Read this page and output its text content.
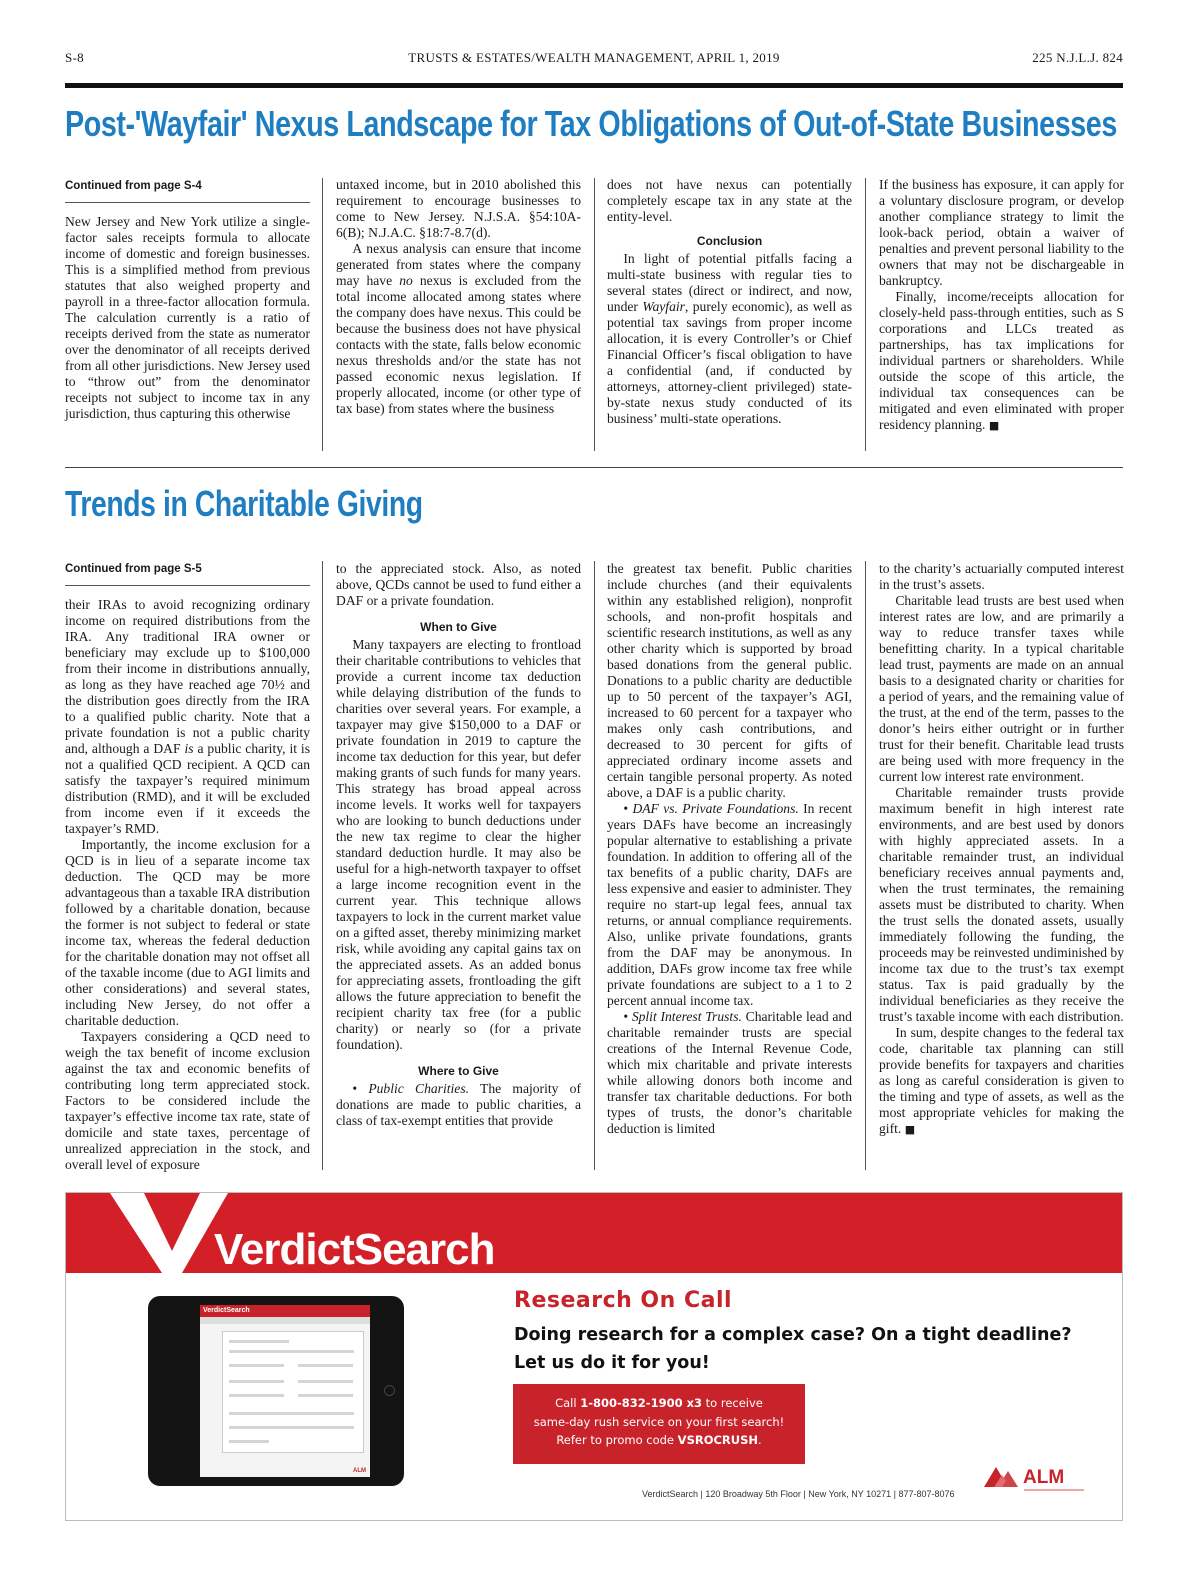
S-8	TRUSTS & ESTATES/WEALTH MANAGEMENT, APRIL 1, 2019	225 N.J.L.J. 824
Post-'Wayfair' Nexus Landscape for Tax Obligations of Out-of-State Businesses
Continued from page S-4

New Jersey and New York utilize a single-factor sales receipts formula to allocate income of domestic and foreign businesses. This is a simplified method from previous statutes that also weighed property and payroll in a three-factor allocation formula. The calculation currently is a ratio of receipts derived from the state as numerator over the denominator of all receipts derived from all other jurisdictions. New Jersey used to “throw out” from the denominator receipts not subject to income tax in any jurisdiction, thus capturing this otherwise

untaxed income, but in 2010 abolished this requirement to encourage businesses to come to New Jersey. N.J.S.A. §54:10A-6(B); N.J.A.C. §18:7-8.7(d).

A nexus analysis can ensure that income generated from states where the company may have no nexus is excluded from the total income allocated among states where the company does have nexus. This could be because the business does not have physical contacts with the state, falls below economic nexus thresholds and/or the state has not passed economic nexus legislation. If properly allocated, income (or other type of tax base) from states where the business

does not have nexus can potentially completely escape tax in any state at the entity-level.

Conclusion

In light of potential pitfalls facing a multi-state business with regular ties to several states (direct or indirect, and now, under Wayfair, purely economic), as well as potential tax savings from proper income allocation, it is every Controller’s or Chief Financial Officer’s fiscal obligation to have a confidential (and, if conducted by attorneys, attorney-client privileged) state-by-state nexus study conducted of its business’ multi-state operations.

If the business has exposure, it can apply for a voluntary disclosure program, or develop another compliance strategy to limit the look-back period, obtain a waiver of penalties and prevent personal liability to the owners that may not be dischargeable in bankruptcy.

Finally, income/receipts allocation for closely-held pass-through entities, such as S corporations and LLCs treated as partnerships, has tax implications for individual partners or shareholders. While outside the scope of this article, the individual tax consequences can be mitigated and even eliminated with proper residency planning. ■

Trends in Charitable Giving
Continued from page S-5

their IRAs to avoid recognizing ordinary income on required distributions from the IRA. Any traditional IRA owner or beneficiary may exclude up to $100,000 from their income in distributions annually, as long as they have reached age 70½ and the distribution goes directly from the IRA to a qualified public charity. Note that a private foundation is not a public charity and, although a DAF is a public charity, it is not a qualified QCD recipient. A QCD can satisfy the taxpayer’s required minimum distribution (RMD), and it will be excluded from income even if it exceeds the taxpayer’s RMD.

Importantly, the income exclusion for a QCD is in lieu of a separate income tax deduction. The QCD may be more advantageous than a taxable IRA distribution followed by a charitable donation, because the former is not subject to federal or state income tax, whereas the federal deduction for the charitable donation may not offset all of the taxable income (due to AGI limits and other considerations) and several states, including New Jersey, do not offer a charitable deduction.

Taxpayers considering a QCD need to weigh the tax benefit of income exclusion against the tax and economic benefits of contributing long term appreciated stock. Factors to be considered include the taxpayer’s effective income tax rate, state of domicile and state taxes, percentage of unrealized appreciation in the stock, and overall level of exposure

to the appreciated stock. Also, as noted above, QCDs cannot be used to fund either a DAF or a private foundation.

When to Give

Many taxpayers are electing to frontload their charitable contributions to vehicles that provide a current income tax deduction while delaying distribution of the funds to charities over several years. For example, a taxpayer may give $150,000 to a DAF or private foundation in 2019 to capture the income tax deduction for this year, but defer making grants of such funds for many years. This strategy has broad appeal across income levels. It works well for taxpayers who are looking to bunch deductions under the new tax regime to clear the higher standard deduction hurdle. It may also be useful for a high-networth taxpayer to offset a large income recognition event in the current year. This technique allows taxpayers to lock in the current market value on a gifted asset, thereby minimizing market risk, while avoiding any capital gains tax on the appreciated assets. As an added bonus for appreciating assets, frontloading the gift allows the future appreciation to benefit the recipient charity tax free (for a public charity) or nearly so (for a private foundation).

Where to Give

• Public Charities. The majority of donations are made to public charities, a class of tax-exempt entities that provide

the greatest tax benefit. Public charities include churches (and their equivalents within any established religion), nonprofit schools, and non-profit hospitals and scientific research institutions, as well as any other charity which is supported by broad based donations from the general public. Donations to a public charity are deductible up to 50 percent of the taxpayer’s AGI, increased to 60 percent for a taxpayer who makes only cash contributions, and decreased to 30 percent for gifts of appreciated ordinary income assets and certain tangible personal property. As noted above, a DAF is a public charity.

• DAF vs. Private Foundations. In recent years DAFs have become an increasingly popular alternative to establishing a private foundation. In addition to offering all of the tax benefits of a public charity, DAFs are less expensive and easier to administer. They require no start-up legal fees, annual tax returns, or annual compliance requirements. Also, unlike private foundations, grants from the DAF may be anonymous. In addition, DAFs grow income tax free while private foundations are subject to a 1 to 2 percent annual income tax.

• Split Interest Trusts. Charitable lead and charitable remainder trusts are special creations of the Internal Revenue Code, which mix charitable and private interests while allowing donors both income and transfer tax charitable deductions. For both types of trusts, the donor’s charitable deduction is limited

to the charity’s actuarially computed interest in the trust’s assets.

Charitable lead trusts are best used when interest rates are low, and are primarily a way to reduce transfer taxes while benefitting charity. In a typical charitable lead trust, payments are made on an annual basis to a designated charity or charities for a period of years, and the remaining value of the trust, at the end of the term, passes to the donor’s heirs either outright or in further trust for their benefit. Charitable lead trusts are being used with more frequency in the current low interest rate environment.

Charitable remainder trusts provide maximum benefit in high interest rate environments, and are best used by donors with highly appreciated assets. In a charitable remainder trust, an individual beneficiary receives annual payments and, when the trust terminates, the remaining assets must be distributed to charity. When the trust sells the donated assets, usually immediately following the funding, the proceeds may be reinvested undiminished by income tax due to the trust’s tax exempt status. Tax is paid gradually by the individual beneficiaries as they receive the trust’s taxable income with each distribution.

In sum, despite changes to the federal tax code, charitable tax planning can still provide benefits for taxpayers and charities as long as careful consideration is given to the timing and type of assets, as well as the most appropriate vehicles for making the gift. ■

VerdictSearch
VerdictSearch
ALM
Research On Call
Doing research for a complex case? On a tight deadline?
Let us do it for you!
Call 1-800-832-1900 x3 to receive
same-day rush service on your first search!
Refer to promo code VSROCRUSH.
VerdictSearch | 120 Broadway 5th Floor | New York, NY 10271 | 877-807-8076
ALM
